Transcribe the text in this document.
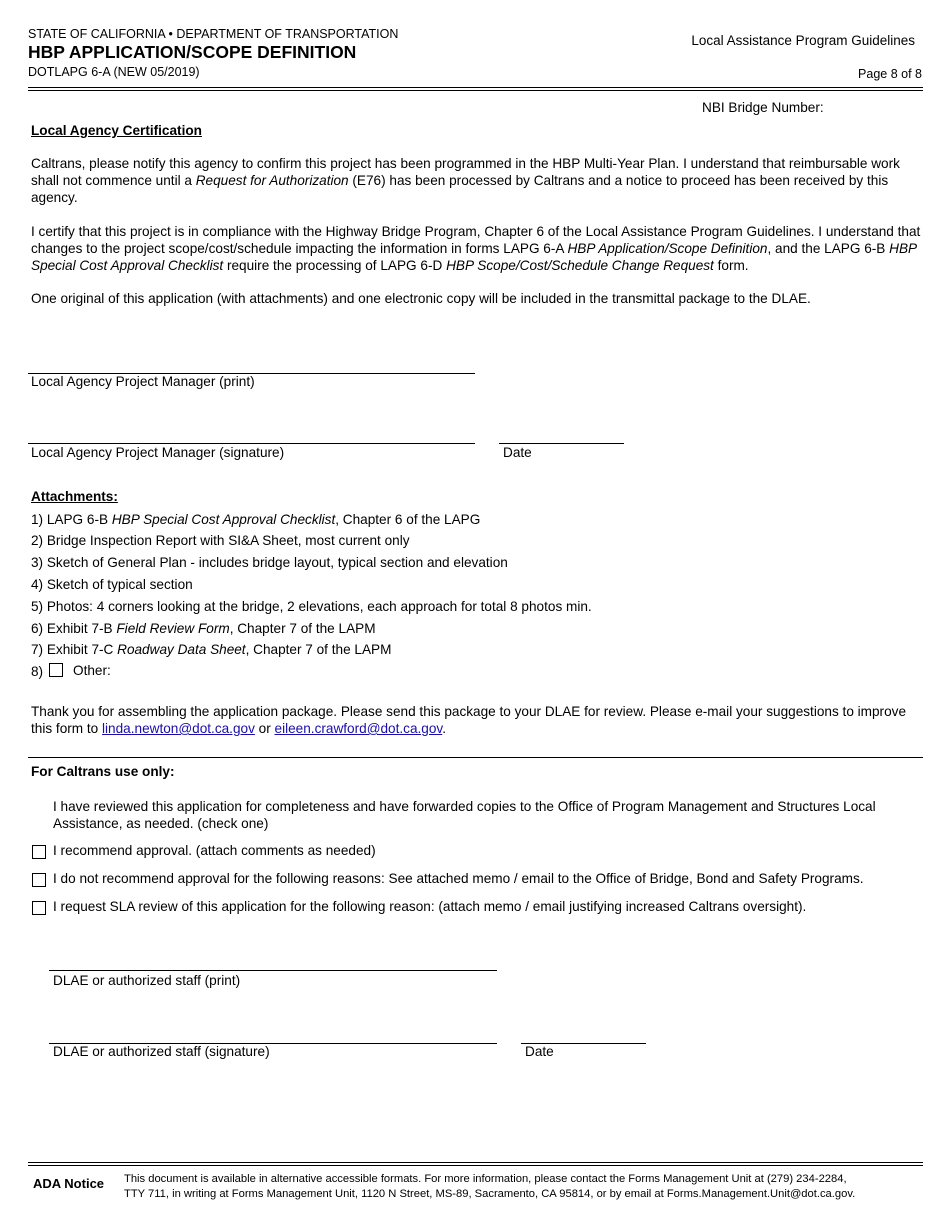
STATE OF CALIFORNIA • DEPARTMENT OF TRANSPORTATION
HBP APPLICATION/SCOPE DEFINITION
DOTLAPG 6-A (NEW 05/2019)
Local Assistance Program Guidelines
Page 8 of 8
NBI Bridge Number:
Local Agency Certification
Caltrans, please notify this agency to confirm this project has been programmed in the HBP Multi-Year Plan. I understand that reimbursable work shall not commence until a Request for Authorization (E76) has been processed by Caltrans and a notice to proceed has been received by this agency.
I certify that this project is in compliance with the Highway Bridge Program, Chapter 6 of the Local Assistance Program Guidelines. I understand that changes to the project scope/cost/schedule impacting the information in forms LAPG 6-A HBP Application/Scope Definition, and the LAPG 6-B HBP Special Cost Approval Checklist require the processing of LAPG 6-D HBP Scope/Cost/Schedule Change Request form.
One original of this application (with attachments) and one electronic copy will be included in the transmittal package to the DLAE.
Local Agency Project Manager (print)
Local Agency Project Manager (signature)	Date
Attachments:
1) LAPG 6-B HBP Special Cost Approval Checklist, Chapter 6 of the LAPG
2) Bridge Inspection Report with SI&A Sheet, most current only
3) Sketch of General Plan - includes bridge layout, typical section and elevation
4) Sketch of typical section
5) Photos: 4 corners looking at the bridge, 2 elevations, each approach for total 8 photos min.
6) Exhibit 7-B Field Review Form, Chapter 7 of the LAPM
7) Exhibit 7-C Roadway Data Sheet, Chapter 7 of the LAPM
8) Other:
Thank you for assembling the application package. Please send this package to your DLAE for review. Please e-mail your suggestions to improve this form to linda.newton@dot.ca.gov or eileen.crawford@dot.ca.gov.
For Caltrans use only:
I have reviewed this application for completeness and have forwarded copies to the Office of Program Management and Structures Local Assistance, as needed. (check one)
I recommend approval. (attach comments as needed)
I do not recommend approval for the following reasons: See attached memo / email to the Office of Bridge, Bond and Safety Programs.
I request SLA review of this application for the following reason: (attach memo / email justifying increased Caltrans oversight).
DLAE or authorized staff (print)
DLAE or authorized staff (signature)	Date
ADA Notice This document is available in alternative accessible formats. For more information, please contact the Forms Management Unit at (279) 234-2284,
TTY 711, in writing at Forms Management Unit, 1120 N Street, MS-89, Sacramento, CA 95814, or by email at Forms.Management.Unit@dot.ca.gov.
